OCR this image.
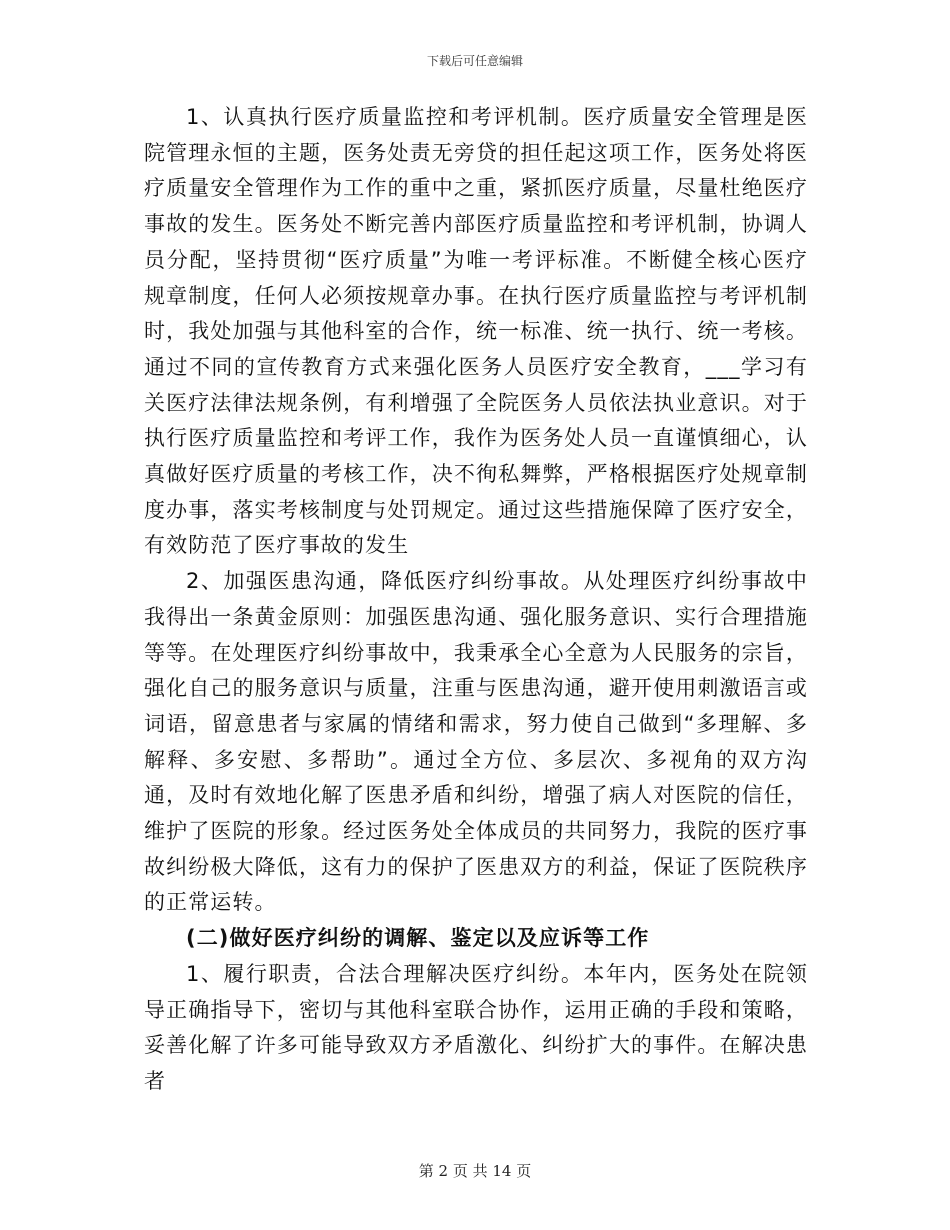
下载后可任意编辑

1、认真执行医疗质量监控和考评机制。医疗质量安全管理是医院管理永恒的主题，医务处责无旁贷的担任起这项工作，医务处将医疗质量安全管理作为工作的重中之重，紧抓医疗质量，尽量杜绝医疗事故的发生。医务处不断完善内部医疗质量监控和考评机制，协调人员分配，坚持贯彻“医疗质量”为唯一考评标准。不断健全核心医疗规章制度，任何人必须按规章办事。在执行医疗质量监控与考评机制时，我处加强与其他科室的合作，统一标准、统一执行、统一考核。通过不同的宣传教育方式来强化医务人员医疗安全教育，___学习有关医疗法律法规条例，有利增强了全院医务人员依法执业意识。对于执行医疗质量监控和考评工作，我作为医务处人员一直谨慎细心，认真做好医疗质量的考核工作，决不徇私舞弊，严格根据医疗处规章制度办事，落实考核制度与处罚规定。通过这些措施保障了医疗安全，有效防范了医疗事故的发生

2、加强医患沟通，降低医疗纠纷事故。从处理医疗纠纷事故中我得出一条黄金原则：加强医患沟通、强化服务意识、实行合理措施等等。在处理医疗纠纷事故中，我秉承全心全意为人民服务的宗旨，强化自己的服务意识与质量，注重与医患沟通，避开使用刺激语言或词语，留意患者与家属的情绪和需求，努力使自己做到“多理解、多解释、多安慰、多帮助”。通过全方位、多层次、多视角的双方沟通，及时有效地化解了医患矛盾和纠纷，增强了病人对医院的信任，维护了医院的形象。经过医务处全体成员的共同努力，我院的医疗事故纠纷极大降低，这有力的保护了医患双方的利益，保证了医院秩序的正常运转。

(二)做好医疗纠纷的调解、鉴定以及应诉等工作

1、履行职责，合法合理解决医疗纠纷。本年内，医务处在院领导正确指导下，密切与其他科室联合协作，运用正确的手段和策略，妥善化解了许多可能导致双方矛盾激化、纠纷扩大的事件。在解决患者

第 2 页 共 14 页
